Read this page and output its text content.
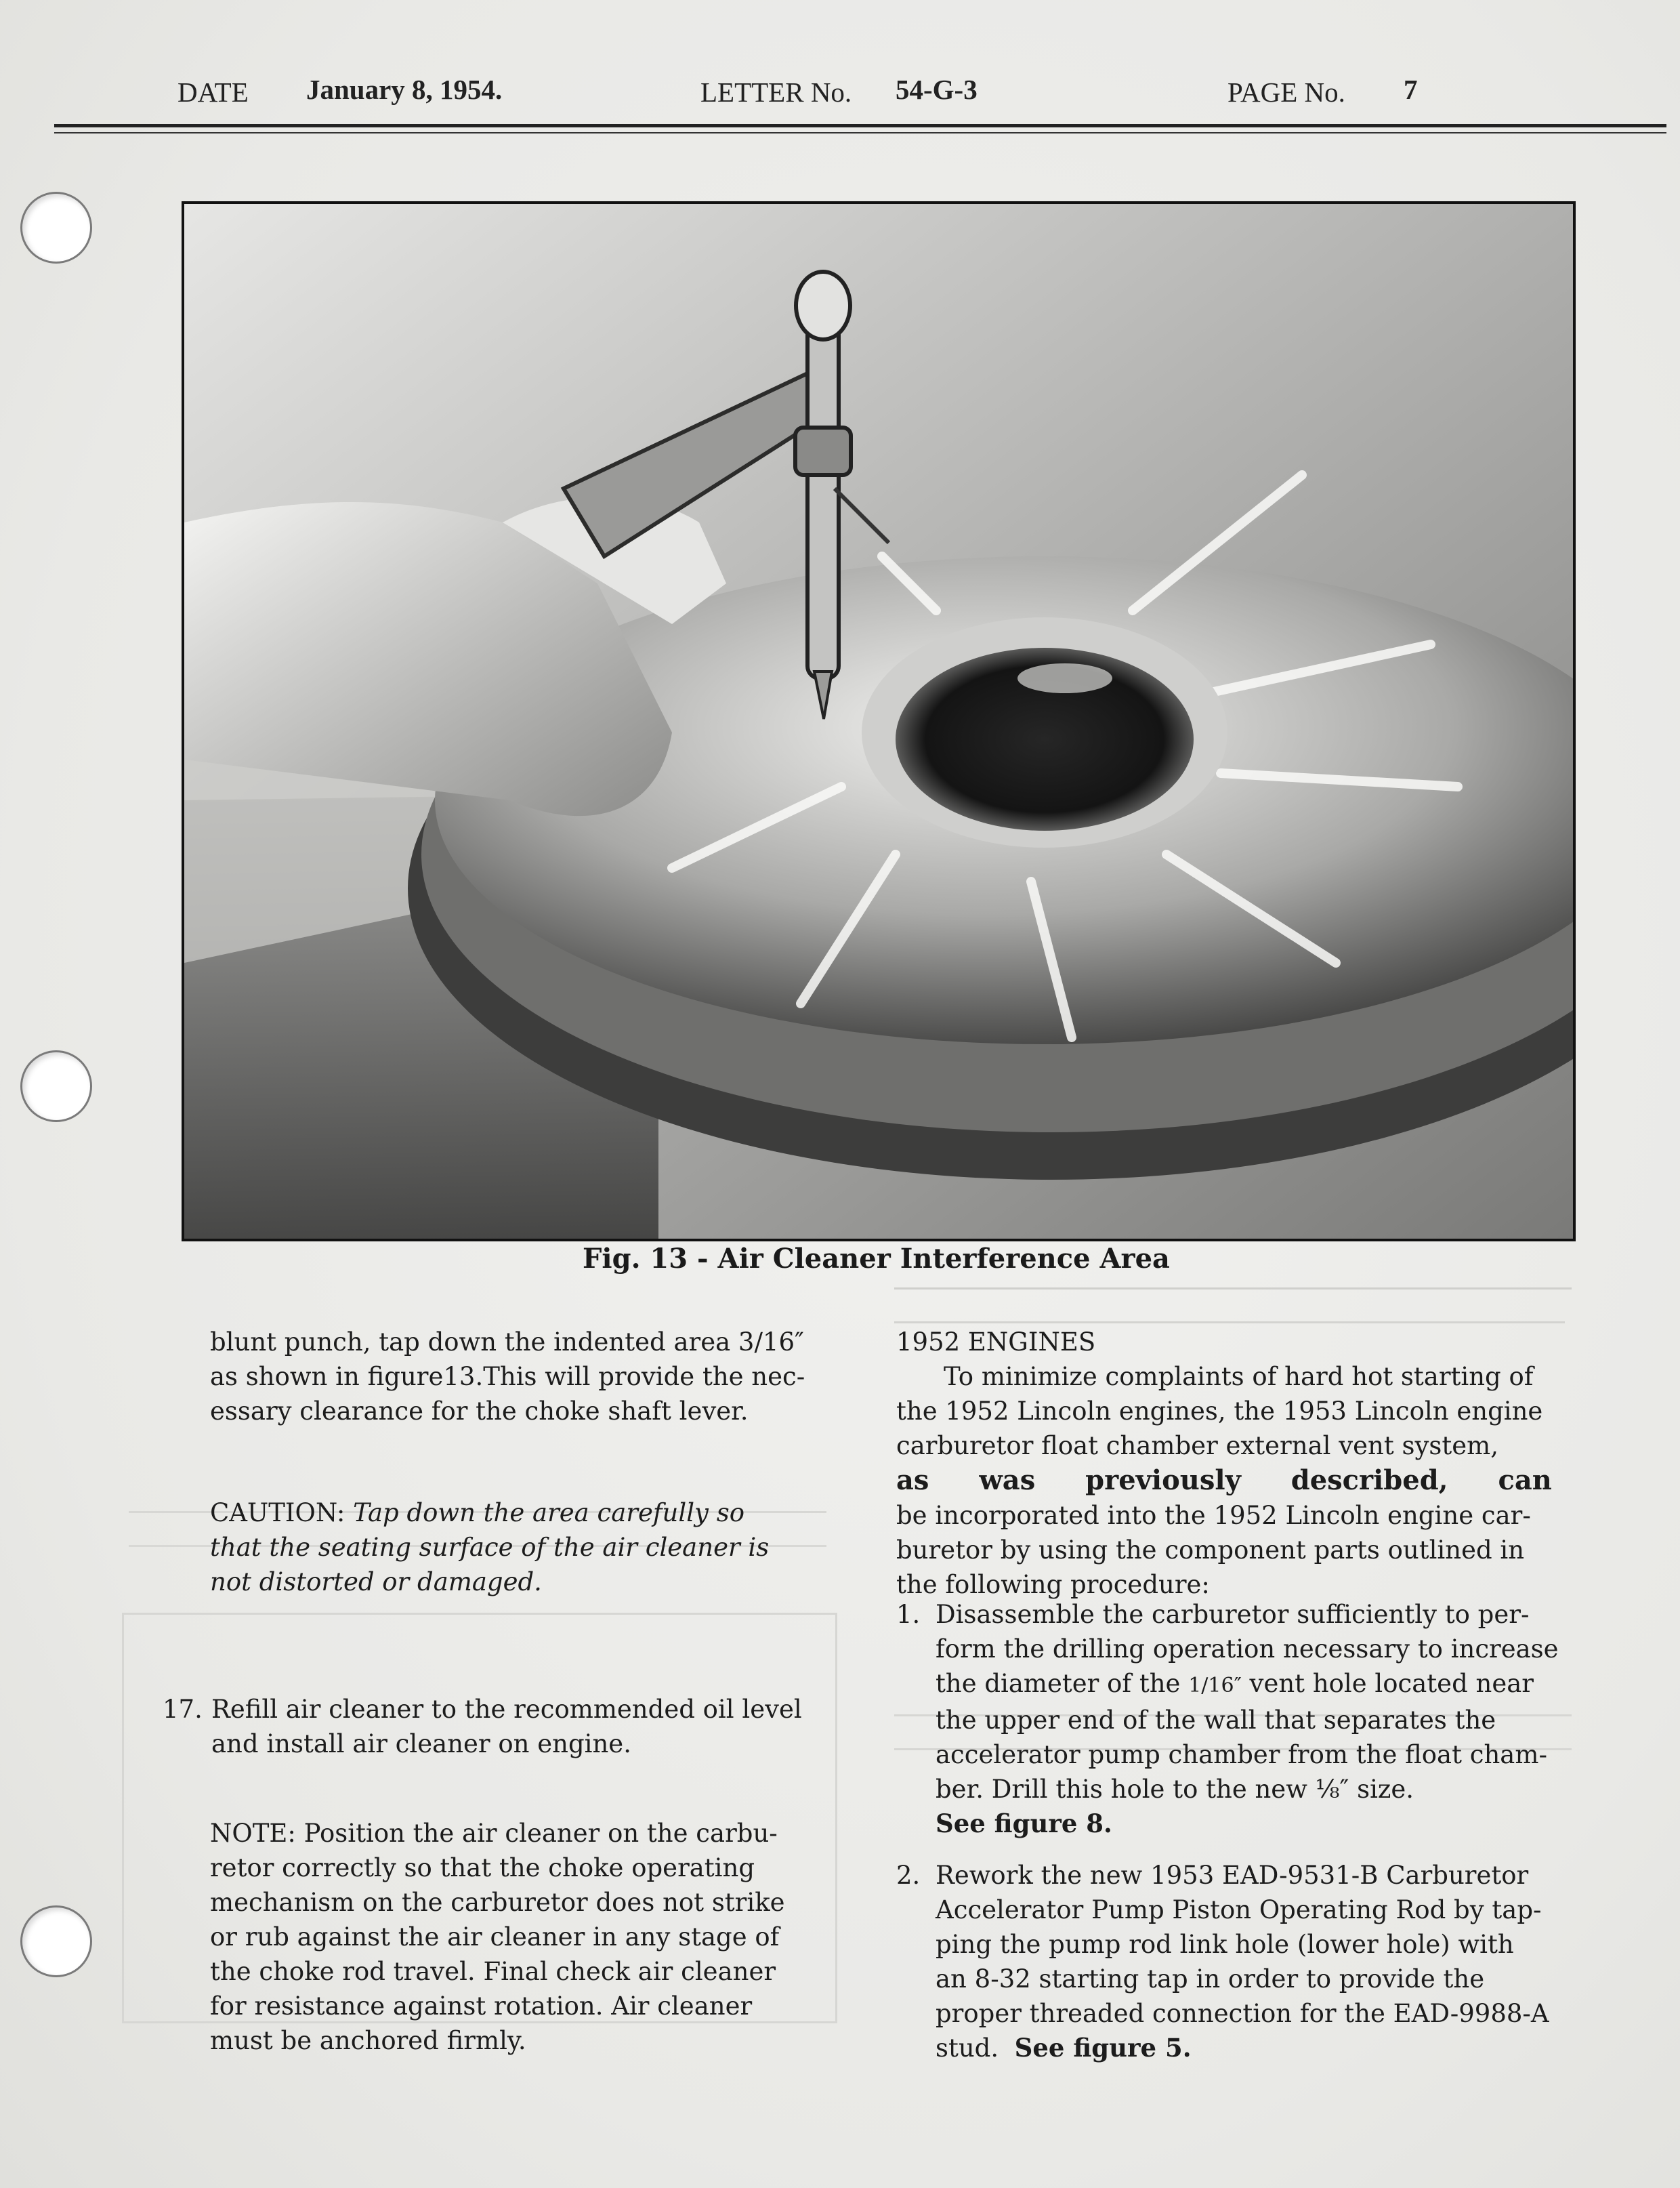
DATE January 8, 1954.	LETTER No. 54-G-3	PAGE No. 7
Fig. 13 - Air Cleaner Interference Area

blunt punch, tap down the indented area 3/16″
as shown in figure13.This will provide the nec-
essary clearance for the choke shaft lever.

CAUTION: Tap down the area carefully so
that the seating surface of the air cleaner is
not distorted or damaged.

17. Refill air cleaner to the recommended oil level
and install air cleaner on engine.

NOTE: Position the air cleaner on the carbu-
retor correctly so that the choke operating
mechanism on the carburetor does not strike
or rub against the air cleaner in any stage of
the choke rod travel. Final check air cleaner
for resistance against rotation. Air cleaner
must be anchored firmly.

1952 ENGINES

To minimize complaints of hard hot starting of
the 1952 Lincoln engines, the 1953 Lincoln engine
carburetor float chamber external vent system,
as was previously described, can
be incorporated into the 1952 Lincoln engine car-
buretor by using the component parts outlined in
the following procedure:

1. Disassemble the carburetor sufficiently to per-
form the drilling operation necessary to increase
the diameter of the 1/16″ vent hole located near
the upper end of the wall that separates the
accelerator pump chamber from the float cham-
ber. Drill this hole to the new ⅛″ size.
See figure 8.

2. Rework the new 1953 EAD-9531-B Carburetor
Accelerator Pump Piston Operating Rod by tap-
ping the pump rod link hole (lower hole) with
an 8-32 starting tap in order to provide the
proper threaded connection for the EAD-9988-A
stud. See figure 5.
